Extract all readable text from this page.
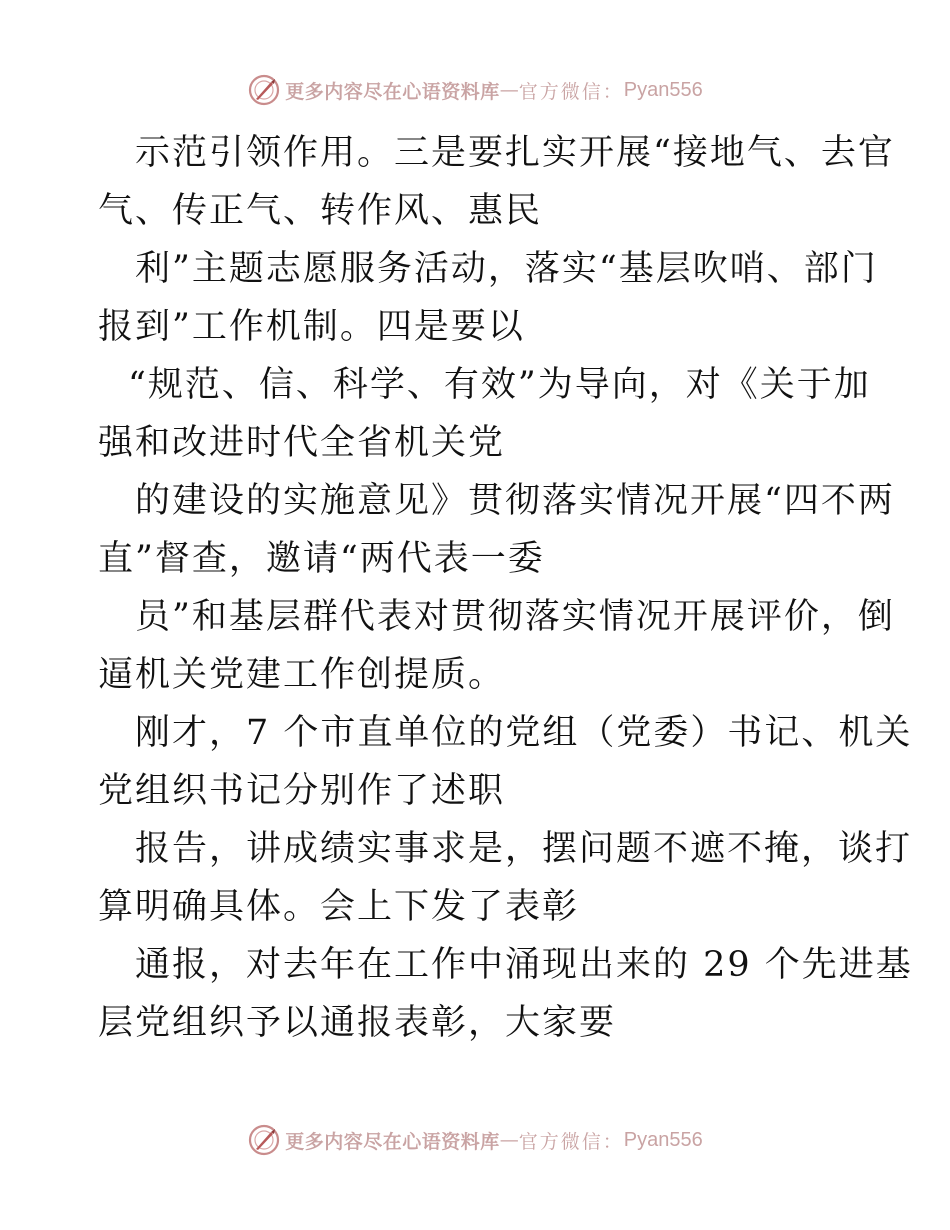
更多内容尽在心语资料库 — 官方微信： Pyan556
示范引领作用。三是要扎实开展“接地气、去官
气、传正气、转作风、惠民
利”主题志愿服务活动，落实“基层吹哨、部门
报到”工作机制。四是要以
“规范、信、科学、有效”为导向，对《关于加
强和改进时代全省机关党
的建设的实施意见》贯彻落实情况开展“四不两
直”督查，邀请“两代表一委
员”和基层群代表对贯彻落实情况开展评价，倒
逼机关党建工作创提质。
刚才，7 个市直单位的党组（党委）书记、机关
党组织书记分别作了述职
报告，讲成绩实事求是，摆问题不遮不掩，谈打
算明确具体。会上下发了表彰
通报，对去年在工作中涌现出来的 29 个先进基
层党组织予以通报表彰，大家要
更多内容尽在心语资料库 — 官方微信： Pyan556
